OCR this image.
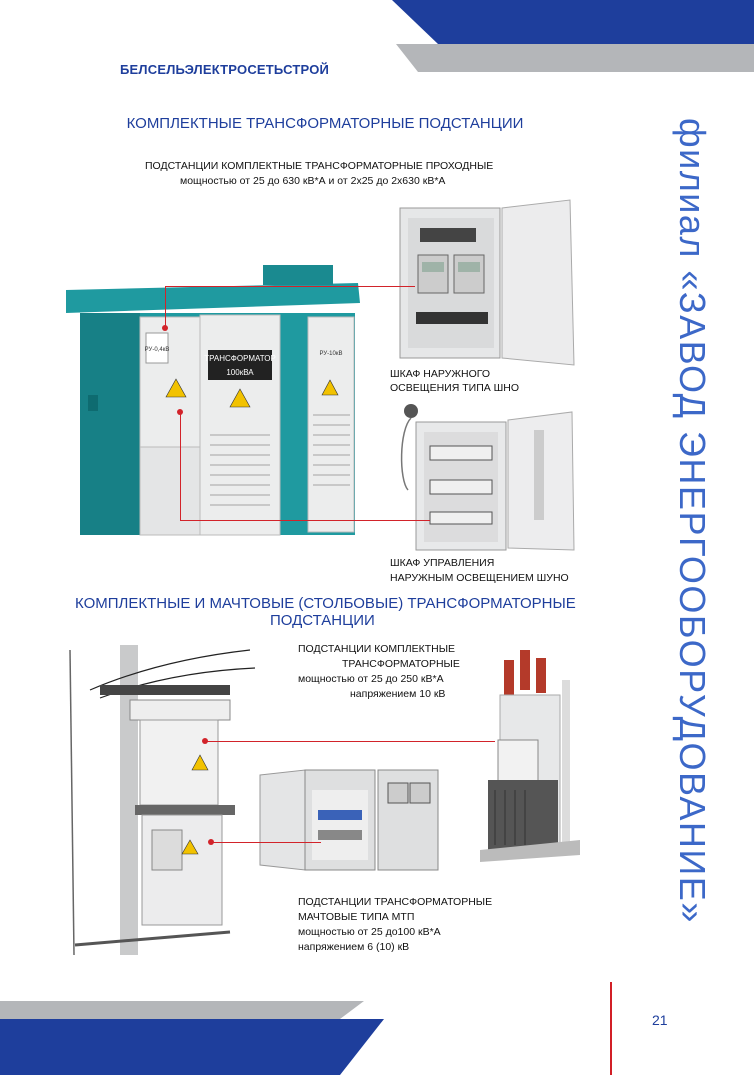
БЕЛСЕЛЬЭЛЕКТРОСЕТЬСТРОЙ
филиал «ЗАВОД ЭНЕРГООБОРУДОВАНИЕ»
КОМПЛЕКТНЫЕ ТРАНСФОРМАТОРНЫЕ ПОДСТАНЦИИ
ПОДСТАНЦИИ КОМПЛЕКТНЫЕ ТРАНСФОРМАТОРНЫЕ ПРОХОДНЫЕ
мощностью от 25 до 630 кВ*А и от 2х25 до 2х630 кВ*А
ТРАНСФОРМАТОР
100кВА
РУ-0,4кВ
РУ-10кВ
ШКАФ НАРУЖНОГО
ОСВЕЩЕНИЯ ТИПА ШНО
ШКАФ УПРАВЛЕНИЯ
НАРУЖНЫМ ОСВЕЩЕНИЕМ ШУНО
КОМПЛЕКТНЫЕ И МАЧТОВЫЕ (СТОЛБОВЫЕ) ТРАНСФОРМАТОРНЫЕ
ПОДСТАНЦИИ
ПОДСТАНЦИИ КОМПЛЕКТНЫЕ
ТРАНСФОРМАТОРНЫЕ
мощностью от 25 до 250 кВ*А
напряжением 10 кВ
ПОДСТАНЦИИ ТРАНСФОРМАТОРНЫЕ
МАЧТОВЫЕ ТИПА МТП
мощностью от 25 до100 кВ*А
напряжением 6 (10) кВ
21
